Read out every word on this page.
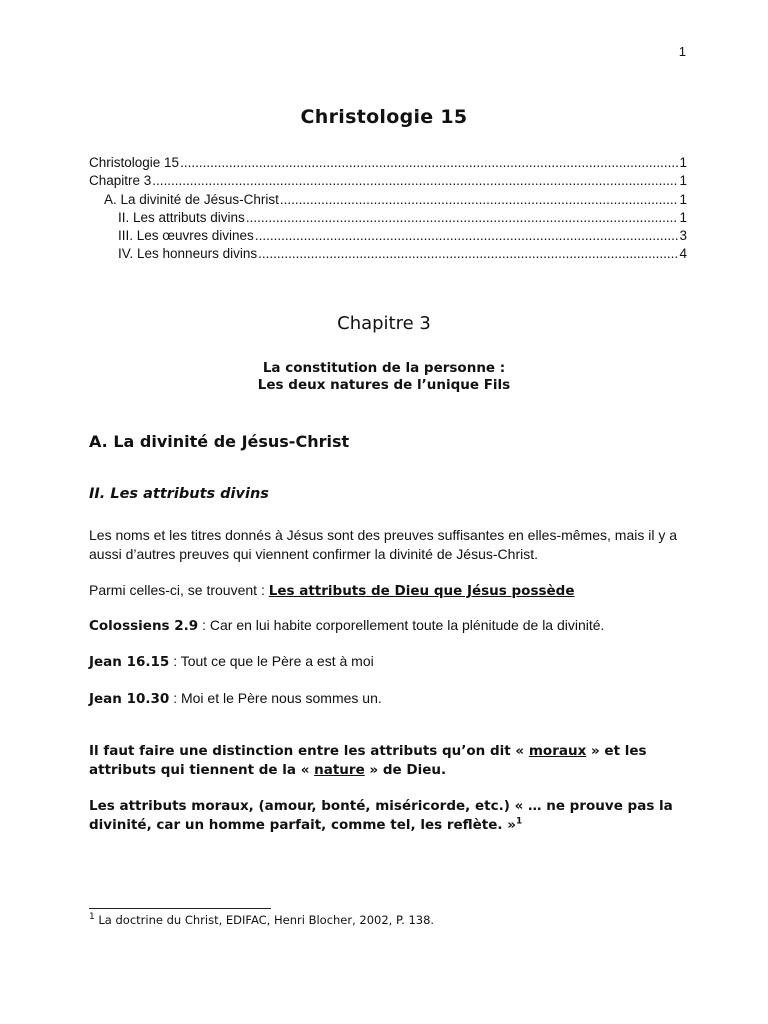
1
Christologie 15
Christologie 15 .....	1
Chapitre 3 .....	1
A. La divinité de Jésus-Christ .....	1
II. Les attributs divins .....	1
III. Les œuvres divines .....	3
IV. Les honneurs divins .....	4
Chapitre 3
La constitution de la personne :
Les deux natures de l’unique Fils
A. La divinité de Jésus-Christ
II. Les attributs divins
Les noms et les titres donnés à Jésus sont des preuves suffisantes en elles-mêmes, mais il y a aussi d’autres preuves qui viennent confirmer la divinité de Jésus-Christ.
Parmi celles-ci, se trouvent : Les attributs de Dieu que Jésus possède
Colossiens 2.9 : Car en lui habite corporellement toute la plénitude de la divinité.
Jean 16.15 : Tout ce que le Père a est à moi
Jean 10.30 : Moi et le Père nous sommes un.
Il faut faire une distinction entre les attributs qu’on dit « moraux » et les attributs qui tiennent de la « nature » de Dieu.
Les attributs moraux, (amour, bonté, miséricorde, etc.) « … ne prouve pas la divinité, car un homme parfait, comme tel, les reflète. »$^1$
$^1$ La doctrine du Christ, EDIFAC, Henri Blocher, 2002, P. 138.
